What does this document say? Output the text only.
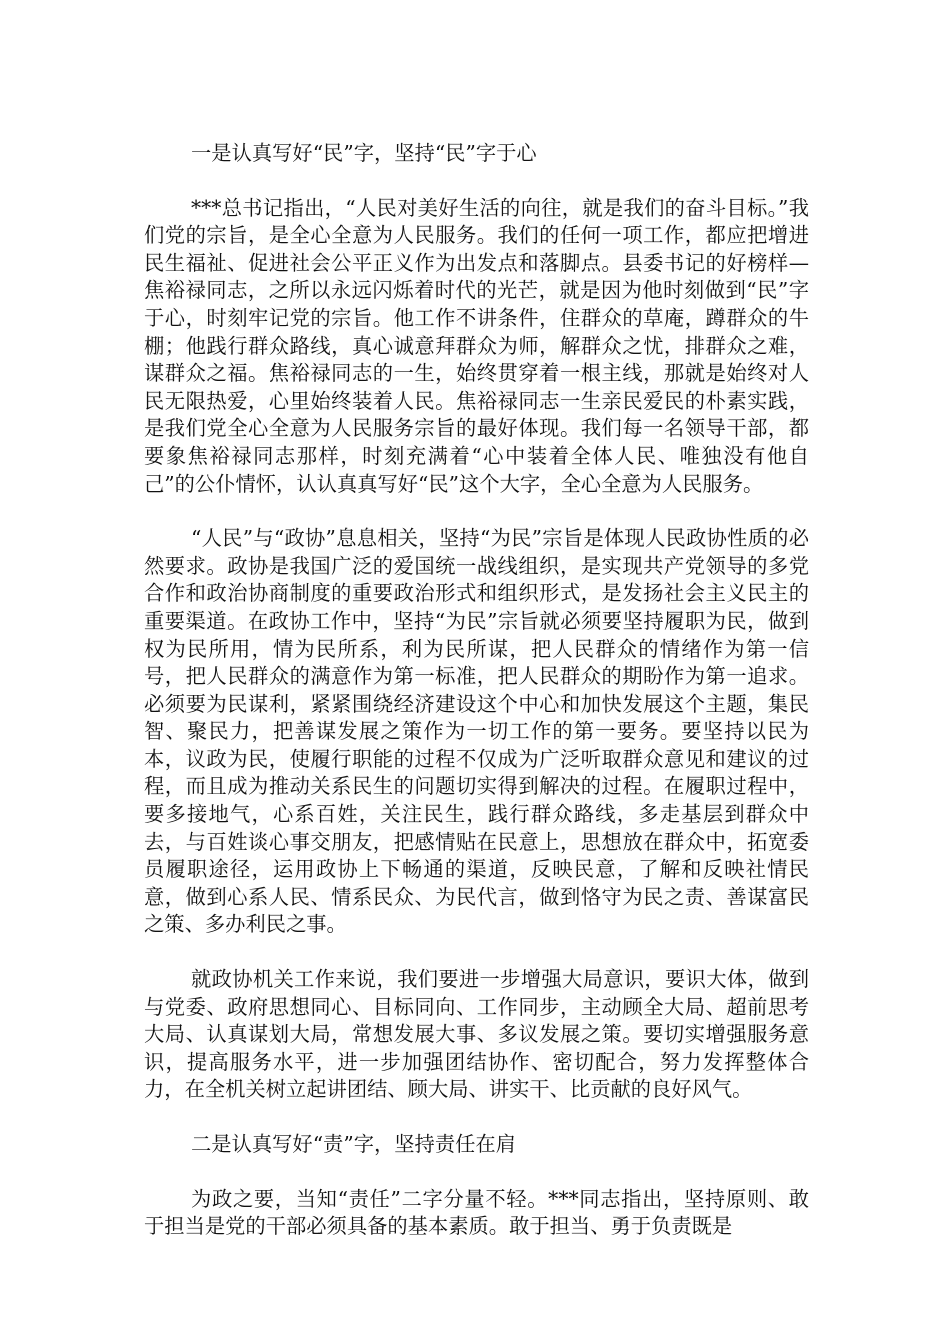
一是认真写好“民”字，坚持“民”字于心

***总书记指出，“人民对美好生活的向往，就是我们的奋斗目标。”我们党的宗旨，是全心全意为人民服务。我们的任何一项工作，都应把增进民生福祉、促进社会公平正义作为出发点和落脚点。县委书记的好榜样—焦裕禄同志，之所以永远闪烁着时代的光芒，就是因为他时刻做到“民”字于心，时刻牢记党的宗旨。他工作不讲条件，住群众的草庵，蹲群众的牛棚；他践行群众路线，真心诚意拜群众为师，解群众之忧，排群众之难，谋群众之福。焦裕禄同志的一生，始终贯穿着一根主线，那就是始终对人民无限热爱，心里始终装着人民。焦裕禄同志一生亲民爱民的朴素实践，是我们党全心全意为人民服务宗旨的最好体现。我们每一名领导干部，都要象焦裕禄同志那样，时刻充满着“心中装着全体人民、唯独没有他自己”的公仆情怀，认认真真写好“民”这个大字，全心全意为人民服务。

“人民”与“政协”息息相关，坚持“为民”宗旨是体现人民政协性质的必然要求。政协是我国广泛的爱国统一战线组织，是实现共产党领导的多党合作和政治协商制度的重要政治形式和组织形式，是发扬社会主义民主的重要渠道。在政协工作中，坚持“为民”宗旨就必须要坚持履职为民，做到权为民所用，情为民所系，利为民所谋，把人民群众的情绪作为第一信号，把人民群众的满意作为第一标准，把人民群众的期盼作为第一追求。必须要为民谋利，紧紧围绕经济建设这个中心和加快发展这个主题，集民智、聚民力，把善谋发展之策作为一切工作的第一要务。要坚持以民为本，议政为民，使履行职能的过程不仅成为广泛听取群众意见和建议的过程，而且成为推动关系民生的问题切实得到解决的过程。在履职过程中，要多接地气，心系百姓，关注民生，践行群众路线，多走基层到群众中去，与百姓谈心事交朋友，把感情贴在民意上，思想放在群众中，拓宽委员履职途径，运用政协上下畅通的渠道，反映民意，了解和反映社情民意，做到心系人民、情系民众、为民代言，做到恪守为民之责、善谋富民之策、多办利民之事。

就政协机关工作来说，我们要进一步增强大局意识，要识大体，做到与党委、政府思想同心、目标同向、工作同步，主动顾全大局、超前思考大局、认真谋划大局，常想发展大事、多议发展之策。要切实增强服务意识，提高服务水平，进一步加强团结协作、密切配合，努力发挥整体合力，在全机关树立起讲团结、顾大局、讲实干、比贡献的良好风气。

二是认真写好“责”字，坚持责任在肩

为政之要，当知“责任”二字分量不轻。***同志指出，坚持原则、敢于担当是党的干部必须具备的基本素质。敢于担当、勇于负责既是
